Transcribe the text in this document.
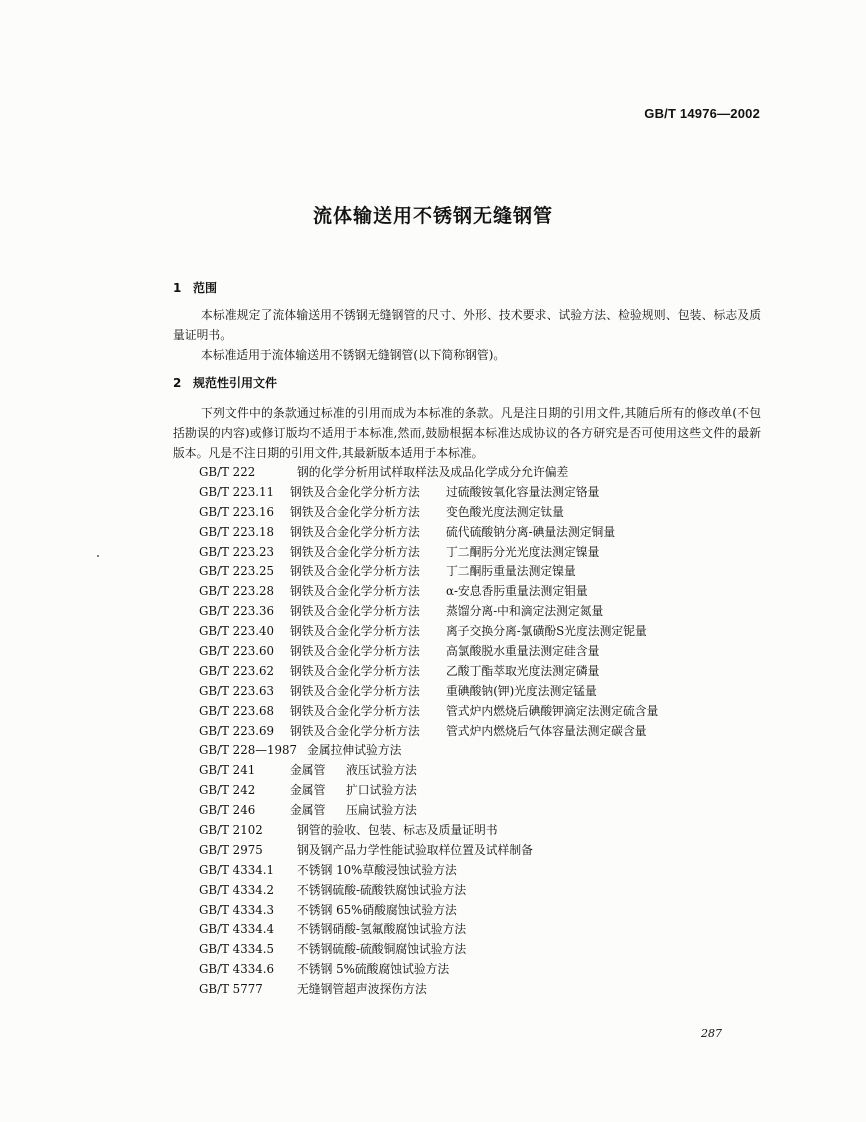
GB/T 14976—2002
流体输送用不锈钢无缝钢管
1 范围
本标准规定了流体输送用不锈钢无缝钢管的尺寸、外形、技术要求、试验方法、检验规则、包装、标志及质量证明书。
本标准适用于流体输送用不锈钢无缝钢管(以下简称钢管)。
2 规范性引用文件
下列文件中的条款通过标准的引用而成为本标准的条款。凡是注日期的引用文件,其随后所有的修改单(不包括勘误的内容)或修订版均不适用于本标准,然而,鼓励根据本标准达成协议的各方研究是否可使用这些文件的最新版本。凡是不注日期的引用文件,其最新版本适用于本标准。
GB/T 222	钢的化学分析用试样取样法及成品化学成分允许偏差
GB/T 223.11 钢铁及合金化学分析方法 过硫酸铵氧化容量法测定铬量
GB/T 223.16 钢铁及合金化学分析方法 变色酸光度法测定钛量
GB/T 223.18 钢铁及合金化学分析方法 硫代硫酸钠分离-碘量法测定铜量
GB/T 223.23 钢铁及合金化学分析方法 丁二酮肟分光光度法测定镍量
GB/T 223.25 钢铁及合金化学分析方法 丁二酮肟重量法测定镍量
GB/T 223.28 钢铁及合金化学分析方法 α-安息香肟重量法测定钼量
GB/T 223.36 钢铁及合金化学分析方法 蒸馏分离-中和滴定法测定氮量
GB/T 223.40 钢铁及合金化学分析方法 离子交换分离-氯磺酚S光度法测定铌量
GB/T 223.60 钢铁及合金化学分析方法 高氯酸脱水重量法测定硅含量
GB/T 223.62 钢铁及合金化学分析方法 乙酸丁酯萃取光度法测定磷量
GB/T 223.63 钢铁及合金化学分析方法 重碘酸钠(钾)光度法测定锰量
GB/T 223.68 钢铁及合金化学分析方法 管式炉内燃烧后碘酸钾滴定法测定硫含量
GB/T 223.69 钢铁及合金化学分析方法 管式炉内燃烧后气体容量法测定碳含量
GB/T 228—1987 金属拉伸试验方法
GB/T 241	金属管 液压试验方法
GB/T 242	金属管 扩口试验方法
GB/T 246	金属管 压扁试验方法
GB/T 2102	钢管的验收、包装、标志及质量证明书
GB/T 2975	钢及钢产品力学性能试验取样位置及试样制备
GB/T 4334.1 不锈钢 10%草酸浸蚀试验方法
GB/T 4334.2 不锈钢硫酸-硫酸铁腐蚀试验方法
GB/T 4334.3 不锈钢 65%硝酸腐蚀试验方法
GB/T 4334.4 不锈钢硝酸-氢氟酸腐蚀试验方法
GB/T 4334.5 不锈钢硫酸-硫酸铜腐蚀试验方法
GB/T 4334.6 不锈钢 5%硫酸腐蚀试验方法
GB/T 5777	无缝钢管超声波探伤方法
287
